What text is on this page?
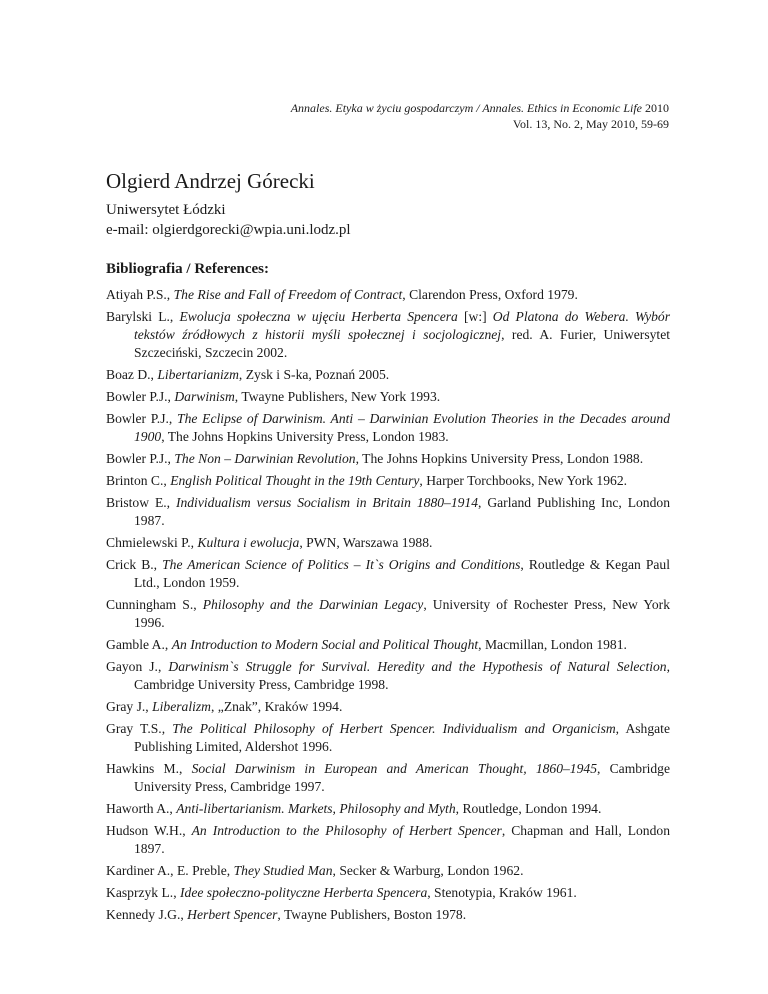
Annales. Etyka w życiu gospodarczym / Annales. Ethics in Economic Life 2010
Vol. 13, No. 2, May 2010, 59-69
Olgierd Andrzej Górecki
Uniwersytet Łódzki
e-mail: olgierdgorecki@wpia.uni.lodz.pl
Bibliografia / References:
Atiyah P.S., The Rise and Fall of Freedom of Contract, Clarendon Press, Oxford 1979.
Barylski L., Ewolucja społeczna w ujęciu Herberta Spencera [w:] Od Platona do Webera. Wybór tekstów źródłowych z historii myśli społecznej i socjologicznej, red. A. Furier, Uniwersytet Szczeciński, Szczecin 2002.
Boaz D., Libertarianizm, Zysk i S-ka, Poznań 2005.
Bowler P.J., Darwinism, Twayne Publishers, New York 1993.
Bowler P.J., The Eclipse of Darwinism. Anti – Darwinian Evolution Theories in the Decades around 1900, The Johns Hopkins University Press, London 1983.
Bowler P.J., The Non – Darwinian Revolution, The Johns Hopkins University Press, London 1988.
Brinton C., English Political Thought in the 19th Century, Harper Torchbooks, New York 1962.
Bristow E., Individualism versus Socialism in Britain 1880–1914, Garland Publishing Inc, London 1987.
Chmielewski P., Kultura i ewolucja, PWN, Warszawa 1988.
Crick B., The American Science of Politics – It`s Origins and Conditions, Routledge & Kegan Paul Ltd., London 1959.
Cunningham S., Philosophy and the Darwinian Legacy, University of Rochester Press, New York 1996.
Gamble A., An Introduction to Modern Social and Political Thought, Macmillan, London 1981.
Gayon J., Darwinism`s Struggle for Survival. Heredity and the Hypothesis of Natural Selection, Cambridge University Press, Cambridge 1998.
Gray J., Liberalizm, „Znak”, Kraków 1994.
Gray T.S., The Political Philosophy of Herbert Spencer. Individualism and Organicism, Ashgate Publishing Limited, Aldershot 1996.
Hawkins M., Social Darwinism in European and American Thought, 1860–1945, Cambridge University Press, Cambridge 1997.
Haworth A., Anti-libertarianism. Markets, Philosophy and Myth, Routledge, London 1994.
Hudson W.H., An Introduction to the Philosophy of Herbert Spencer, Chapman and Hall, London 1897.
Kardiner A., E. Preble, They Studied Man, Secker & Warburg, London 1962.
Kasprzyk L., Idee społeczno-polityczne Herberta Spencera, Stenotypia, Kraków 1961.
Kennedy J.G., Herbert Spencer, Twayne Publishers, Boston 1978.
